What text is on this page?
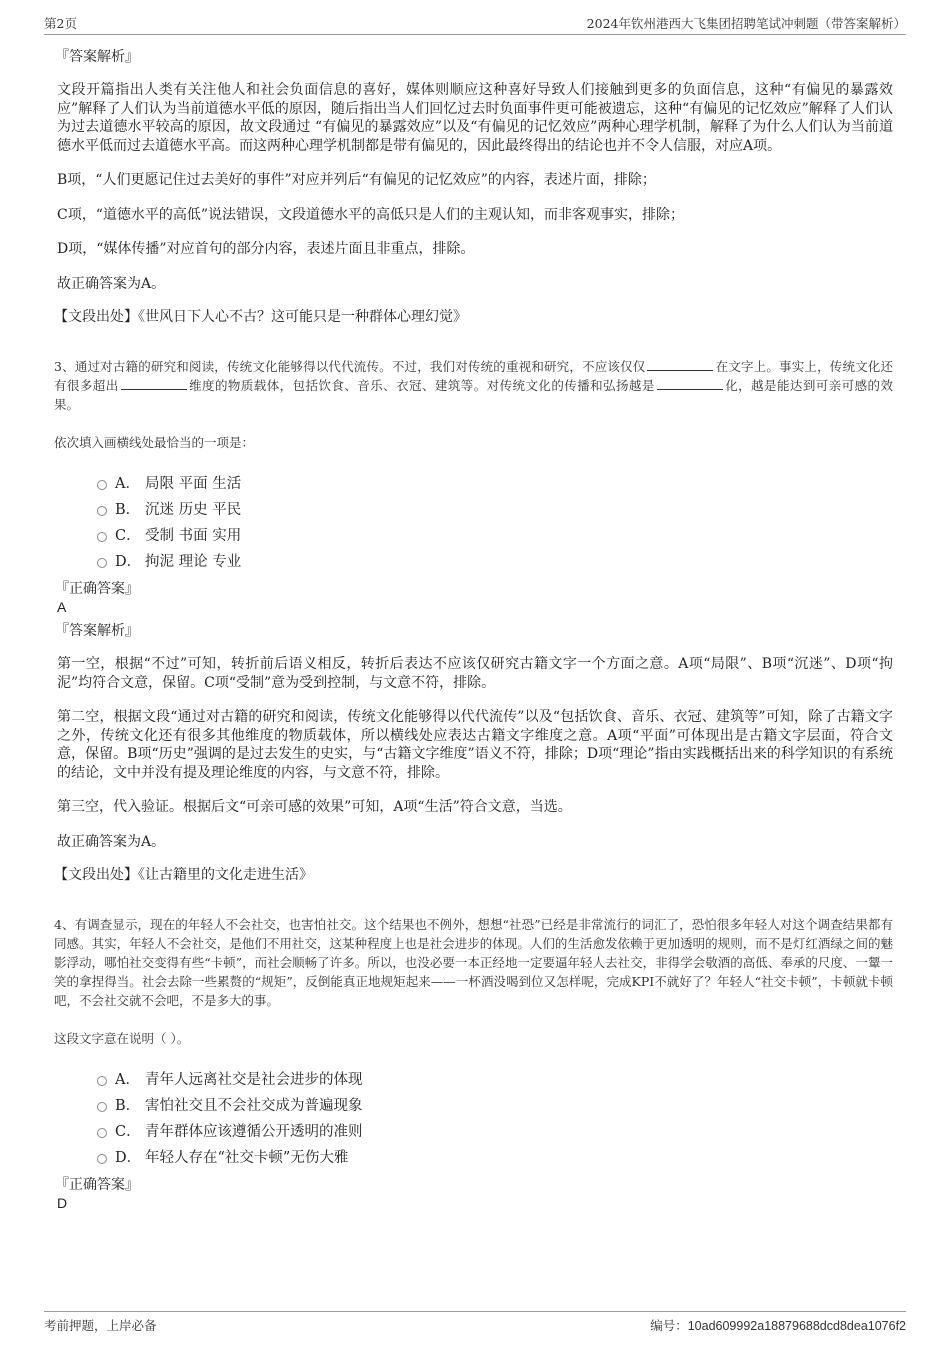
第2页	2024年钦州港西大飞集团招聘笔试冲刺题（带答案解析）
『答案解析』

文段开篇指出人类有关注他人和社会负面信息的喜好，媒体则顺应这种喜好导致人们接触到更多的负面信息，这种“有偏见的暴露效应”解释了人们认为当前道德水平低的原因，随后指出当人们回忆过去时负面事件更可能被遗忘，这种“有偏见的记忆效应”解释了人们认为过去道德水平较高的原因，故文段通过 “有偏见的暴露效应”以及“有偏见的记忆效应”两种心理学机制，解释了为什么人们认为当前道德水平低而过去道德水平高。而这两种心理学机制都是带有偏见的，因此最终得出的结论也并不令人信服，对应A项。

B项，“人们更愿记住过去美好的事件”对应并列后“有偏见的记忆效应”的内容，表述片面，排除；

C项，“道德水平的高低”说法错误，文段道德水平的高低只是人们的主观认知，而非客观事实，排除；

D项，“媒体传播”对应首句的部分内容，表述片面且非重点，排除。

故正确答案为A。

【文段出处】《世风日下人心不古？这可能只是一种群体心理幻觉》

3、通过对古籍的研究和阅读，传统文化能够得以代代流传。不过，我们对传统的重视和研究，不应该仅仅	在文字上。事实上，传统文化还有很多超出	维度的物质载体，包括饮食、音乐、衣冠、建筑等。对传统文化的传播和弘扬越是	化，越是能达到可亲可感的效果。

依次填入画横线处最恰当的一项是：

A． 局限 平面 生活
B． 沉迷 历史 平民
C． 受制 书面 实用
D． 拘泥 理论 专业
『正确答案』
A
『答案解析』

第一空，根据“不过”可知，转折前后语义相反，转折后表达不应该仅研究古籍文字一个方面之意。A项“局限”、B项“沉迷”、D项“拘泥”均符合文意，保留。C项“受制”意为受到控制，与文意不符，排除。

第二空，根据文段“通过对古籍的研究和阅读，传统文化能够得以代代流传”以及“包括饮食、音乐、衣冠、建筑等”可知，除了古籍文字之外，传统文化还有很多其他维度的物质载体，所以横线处应表达古籍文字维度之意。A项“平面”可体现出是古籍文字层面，符合文意，保留。B项“历史”强调的是过去发生的史实，与“古籍文字维度”语义不符，排除；D项“理论”指由实践概括出来的科学知识的有系统的结论，文中并没有提及理论维度的内容，与文意不符，排除。

第三空，代入验证。根据后文“可亲可感的效果”可知，A项“生活”符合文意，当选。

故正确答案为A。

【文段出处】《让古籍里的文化走进生活》

4、有调查显示，现在的年轻人不会社交，也害怕社交。这个结果也不例外，想想“社恐”已经是非常流行的词汇了，恐怕很多年轻人对这个调查结果都有同感。其实，年轻人不会社交，是他们不用社交，这某种程度上也是社会进步的体现。人们的生活愈发依赖于更加透明的规则，而不是灯红酒绿之间的魅影浮动，哪怕社交变得有些“卡顿”，而社会顺畅了许多。所以，也没必要一本正经地一定要逼年轻人去社交，非得学会敬酒的高低、奉承的尺度、一颦一笑的拿捏得当。社会去除一些累赘的“规矩”，反倒能真正地规矩起来——一杯酒没喝到位又怎样呢，完成KPI不就好了？年轻人“社交卡顿”，卡顿就卡顿吧，不会社交就不会吧，不是多大的事。

这段文字意在说明（ ）。

A． 青年人远离社交是社会进步的体现
B． 害怕社交且不会社交成为普遍现象
C． 青年群体应该遵循公开透明的准则
D． 年轻人存在“社交卡顿”无伤大雅
『正确答案』
D
考前押题，上岸必备	编号：10ad609992a18879688dcd8dea1076f2
